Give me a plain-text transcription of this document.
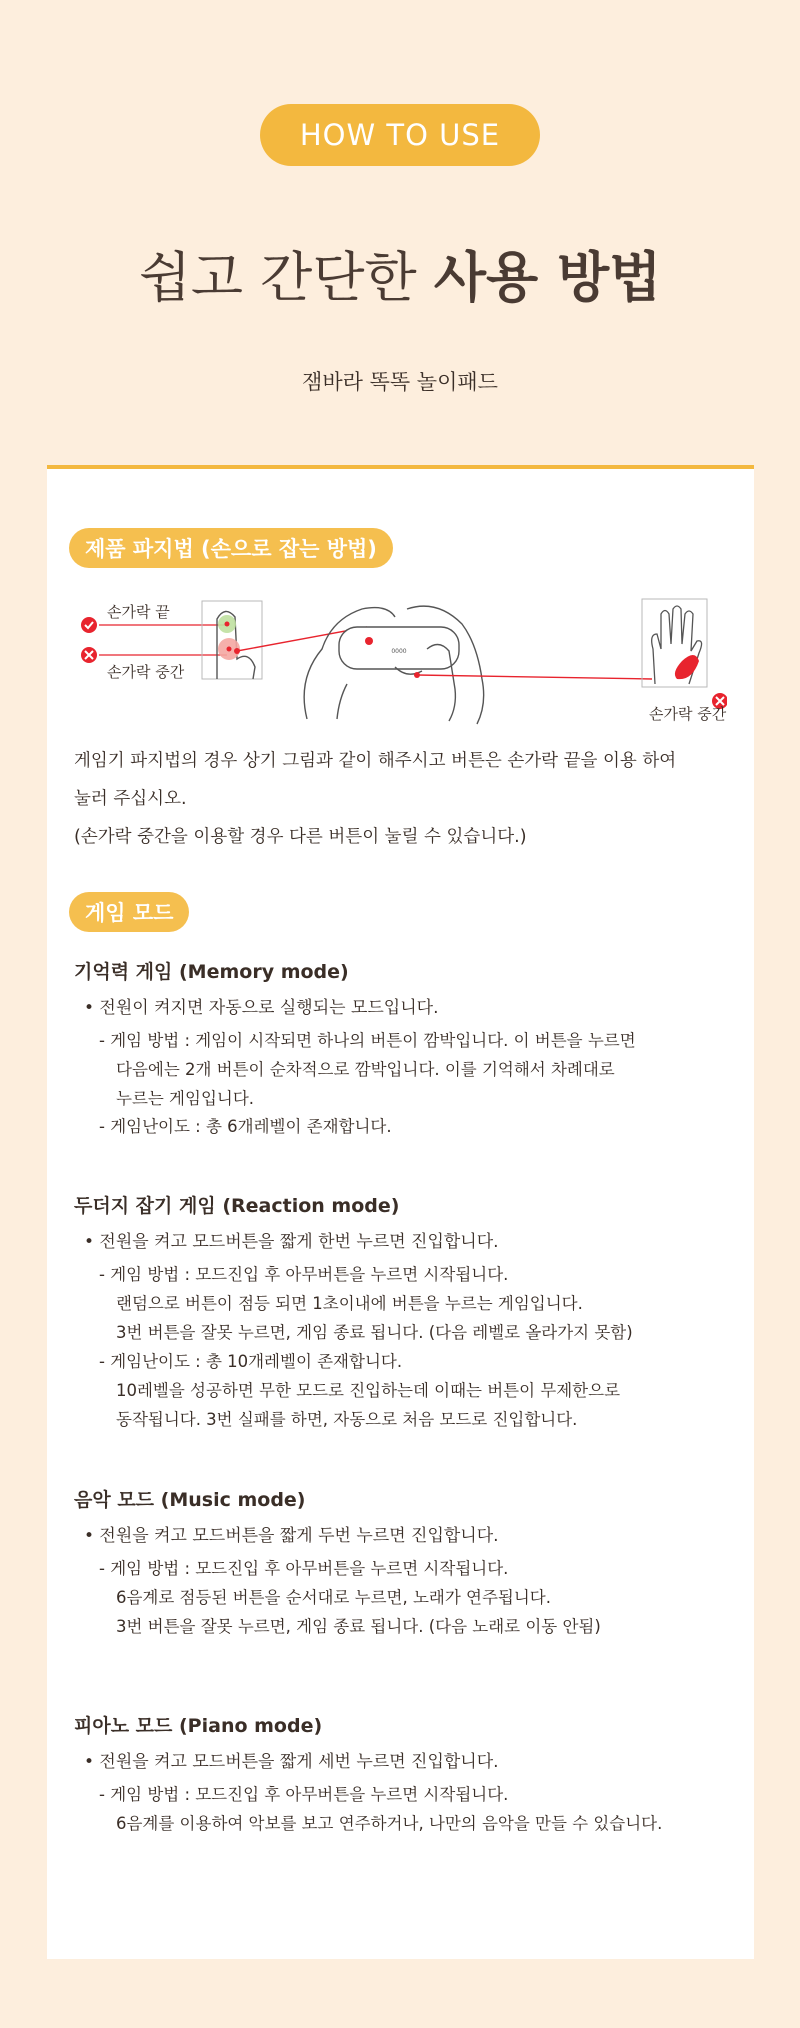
HOW TO USE
쉽고 간단한 사용 방법
잼바라 똑똑 놀이패드
제품 파지법 (손으로 잡는 방법)
손가락 끝
손가락 중간
0000
손가락 중간
게임기 파지법의 경우 상기 그림과 같이 해주시고 버튼은 손가락 끝을 이용 하여
눌러 주십시오.
(손가락 중간을 이용할 경우 다른 버튼이 눌릴 수 있습니다.)
게임 모드
기억력 게임 (Memory mode)
• 전원이 켜지면 자동으로 실행되는 모드입니다.
- 게임 방법 : 게임이 시작되면 하나의 버튼이 깜박입니다. 이 버튼을 누르면
다음에는 2개 버튼이 순차적으로 깜박입니다. 이를 기억해서 차례대로
누르는 게임입니다.
- 게임난이도 : 총 6개레벨이 존재합니다.
두더지 잡기 게임 (Reaction mode)
• 전원을 켜고 모드버튼을 짧게 한번 누르면 진입합니다.
- 게임 방법 : 모드진입 후 아무버튼을 누르면 시작됩니다.
랜덤으로 버튼이 점등 되면 1초이내에 버튼을 누르는 게임입니다.
3번 버튼을 잘못 누르면, 게임 종료 됩니다. (다음 레벨로 올라가지 못함)
- 게임난이도 : 총 10개레벨이 존재합니다.
10레벨을 성공하면 무한 모드로 진입하는데 이때는 버튼이 무제한으로
동작됩니다. 3번 실패를 하면, 자동으로 처음 모드로 진입합니다.
음악 모드 (Music mode)
• 전원을 켜고 모드버튼을 짧게 두번 누르면 진입합니다.
- 게임 방법 : 모드진입 후 아무버튼을 누르면 시작됩니다.
6음계로 점등된 버튼을 순서대로 누르면, 노래가 연주됩니다.
3번 버튼을 잘못 누르면, 게임 종료 됩니다. (다음 노래로 이동 안됨)
피아노 모드 (Piano mode)
• 전원을 켜고 모드버튼을 짧게 세번 누르면 진입합니다.
- 게임 방법 : 모드진입 후 아무버튼을 누르면 시작됩니다.
6음계를 이용하여 악보를 보고 연주하거나, 나만의 음악을 만들 수 있습니다.
